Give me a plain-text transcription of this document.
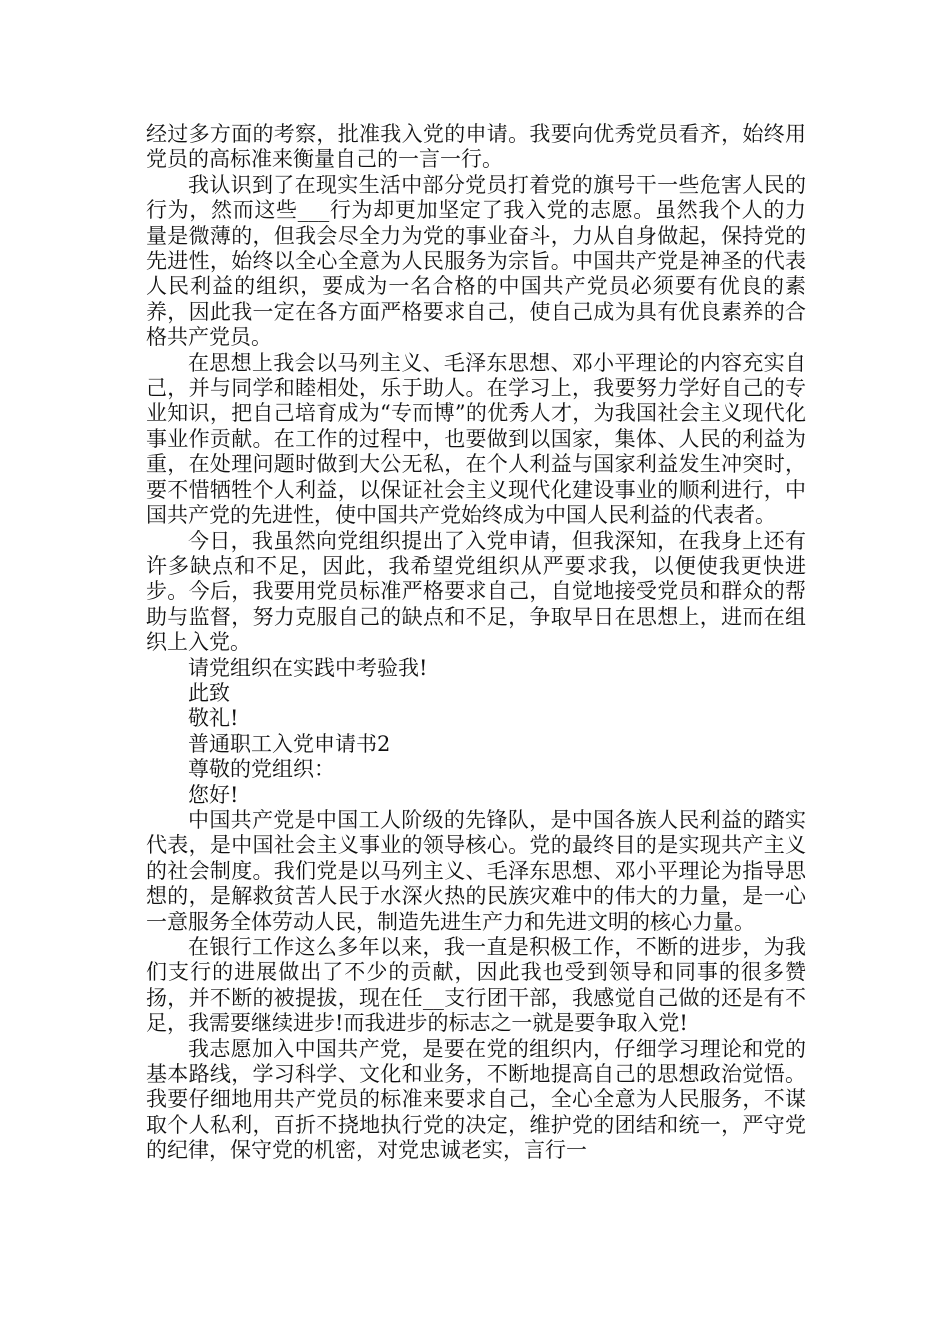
经过多方面的考察，批准我入党的申请。我要向优秀党员看齐，始终用党员的高标准来衡量自己的一言一行。

我认识到了在现实生活中部分党员打着党的旗号干一些危害人民的行为，然而这些___行为却更加坚定了我入党的志愿。虽然我个人的力量是微薄的，但我会尽全力为党的事业奋斗，力从自身做起，保持党的先进性，始终以全心全意为人民服务为宗旨。中国共产党是神圣的代表人民利益的组织，要成为一名合格的中国共产党员必须要有优良的素养，因此我一定在各方面严格要求自己，使自己成为具有优良素养的合格共产党员。

在思想上我会以马列主义、毛泽东思想、邓小平理论的内容充实自己，并与同学和睦相处，乐于助人。在学习上，我要努力学好自己的专业知识，把自己培育成为“专而博”的优秀人才，为我国社会主义现代化事业作贡献。在工作的过程中，也要做到以国家，集体、人民的利益为重，在处理问题时做到大公无私，在个人利益与国家利益发生冲突时，要不惜牺牲个人利益，以保证社会主义现代化建设事业的顺利进行，中国共产党的先进性，使中国共产党始终成为中国人民利益的代表者。

今日，我虽然向党组织提出了入党申请，但我深知，在我身上还有许多缺点和不足，因此，我希望党组织从严要求我，以便使我更快进步。今后，我要用党员标准严格要求自己，自觉地接受党员和群众的帮助与监督，努力克服自己的缺点和不足，争取早日在思想上，进而在组织上入党。

请党组织在实践中考验我!

此致

敬礼!

普通职工入党申请书2

尊敬的党组织：

您好!

中国共产党是中国工人阶级的先锋队，是中国各族人民利益的踏实代表，是中国社会主义事业的领导核心。党的最终目的是实现共产主义的社会制度。我们党是以马列主义、毛泽东思想、邓小平理论为指导思想的，是解救贫苦人民于水深火热的民族灾难中的伟大的力量，是一心一意服务全体劳动人民，制造先进生产力和先进文明的核心力量。

在银行工作这么多年以来，我一直是积极工作，不断的进步，为我们支行的进展做出了不少的贡献，因此我也受到领导和同事的很多赞扬，并不断的被提拔，现在任__支行团干部，我感觉自己做的还是有不足，我需要继续进步!而我进步的标志之一就是要争取入党!

我志愿加入中国共产党，是要在党的组织内，仔细学习理论和党的基本路线，学习科学、文化和业务，不断地提高自己的思想政治觉悟。我要仔细地用共产党员的标准来要求自己，全心全意为人民服务，不谋取个人私利，百折不挠地执行党的决定，维护党的团结和统一，严守党的纪律，保守党的机密，对党忠诚老实，言行一
